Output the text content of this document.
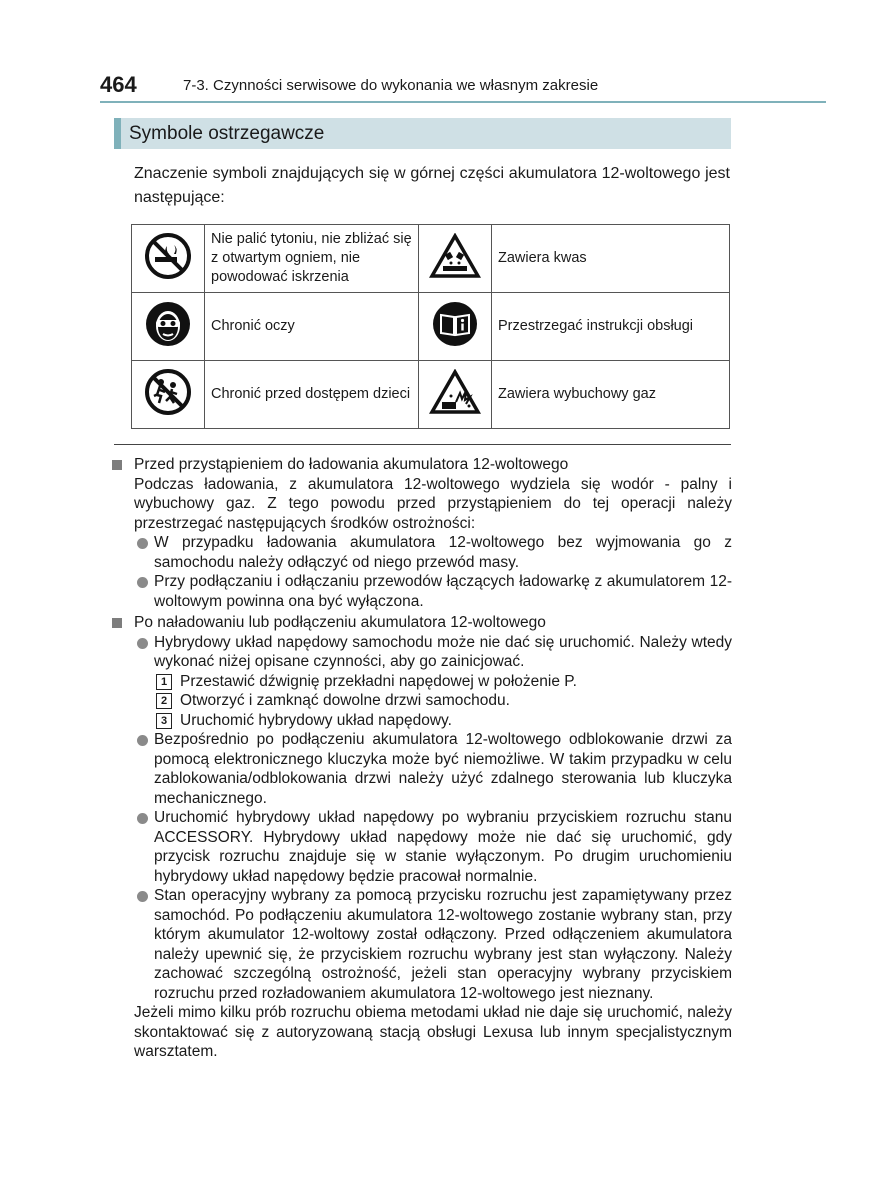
464	7-3. Czynności serwisowe do wykonania we własnym zakresie
Symbole ostrzegawcze
Znaczenie symboli znajdujących się w górnej części akumulatora 12-woltowego jest następujące:
	Nie palić tytoniu, nie zbliżać się z otwartym ogniem, nie powodować iskrzenia		Zawiera kwas
	Chronić oczy		Przestrzegać instrukcji obsługi
	Chronić przed dostępem dzieci		Zawiera wybuchowy gaz
Przed przystąpieniem do ładowania akumulatora 12-woltowego
Podczas ładowania, z akumulatora 12-woltowego wydziela się wodór - palny i wybuchowy gaz. Z tego powodu przed przystąpieniem do tej operacji należy przestrzegać następujących środków ostrożności:
W przypadku ładowania akumulatora 12-woltowego bez wyjmowania go z samochodu należy odłączyć od niego przewód masy.
Przy podłączaniu i odłączaniu przewodów łączących ładowarkę z akumulatorem 12-woltowym powinna ona być wyłączona.
Po naładowaniu lub podłączeniu akumulatora 12-woltowego
Hybrydowy układ napędowy samochodu może nie dać się uruchomić. Należy wtedy wykonać niżej opisane czynności, aby go zainicjować.
1 Przestawić dźwignię przekładni napędowej w położenie P.
2 Otworzyć i zamknąć dowolne drzwi samochodu.
3 Uruchomić hybrydowy układ napędowy.
Bezpośrednio po podłączeniu akumulatora 12-woltowego odblokowanie drzwi za pomocą elektronicznego kluczyka może być niemożliwe. W takim przypadku w celu zablokowania/odblokowania drzwi należy użyć zdalnego sterowania lub kluczyka mechanicznego.
Uruchomić hybrydowy układ napędowy po wybraniu przyciskiem rozruchu stanu ACCESSORY. Hybrydowy układ napędowy może nie dać się uruchomić, gdy przycisk rozruchu znajduje się w stanie wyłączonym. Po drugim uruchomieniu hybrydowy układ napędowy będzie pracował normalnie.
Stan operacyjny wybrany za pomocą przycisku rozruchu jest zapamiętywany przez samochód. Po podłączeniu akumulatora 12-woltowego zostanie wybrany stan, przy którym akumulator 12-woltowy został odłączony. Przed odłączeniem akumulatora należy upewnić się, że przyciskiem rozruchu wybrany jest stan wyłączony. Należy zachować szczególną ostrożność, jeżeli stan operacyjny wybrany przyciskiem rozruchu przed rozładowaniem akumulatora 12-woltowego jest nieznany.
Jeżeli mimo kilku prób rozruchu obiema metodami układ nie daje się uruchomić, należy skontaktować się z autoryzowaną stacją obsługi Lexusa lub innym specjalistycznym warsztatem.
